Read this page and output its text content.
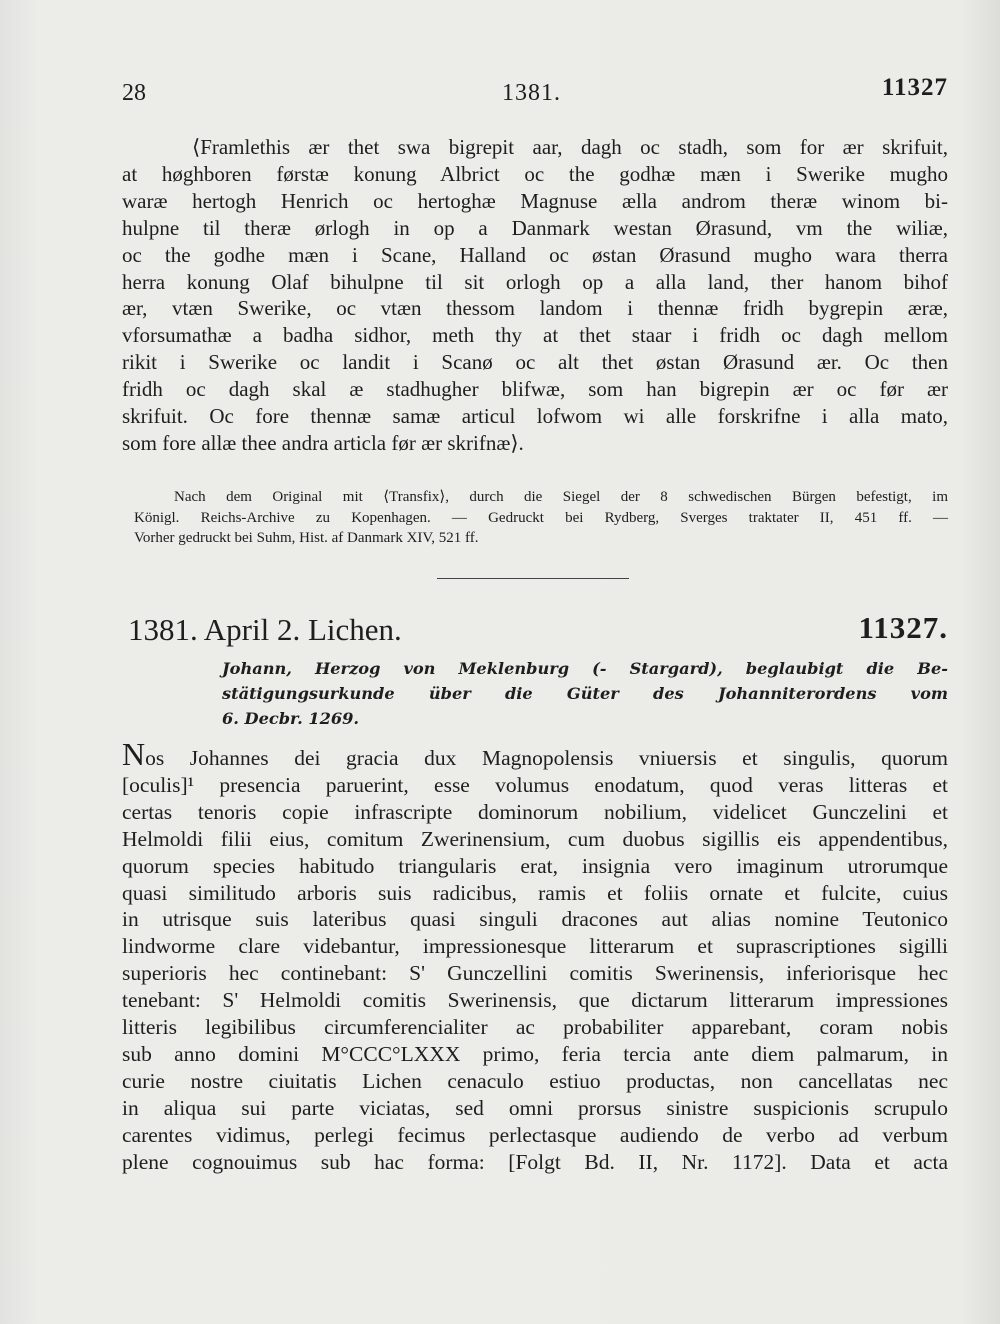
28	1381.	11327
⟨Framlethis ær thet swa bigrepit aar, dagh oc stadh, som for ær skrifuit,
at høghboren førstæ konung Albrict oc the godhæ mæn i Swerike mugho
waræ hertogh Henrich oc hertoghæ Magnuse ælla androm theræ winom bi-
hulpne til theræ ørlogh in op a Danmark westan Ørasund, vm the wiliæ,
oc the godhe mæn i Scane, Halland oc østan Ørasund mugho wara therra
herra konung Olaf bihulpne til sit orlogh op a alla land, ther hanom bihof
ær, vtæn Swerike, oc vtæn thessom landom i thennæ fridh bygrepin æræ,
vforsumathæ a badha sidhor, meth thy at thet staar i fridh oc dagh mellom
rikit i Swerike oc landit i Scanø oc alt thet østan Ørasund ær. Oc then
fridh oc dagh skal æ stadhugher blifwæ, som han bigrepin ær oc før ær
skrifuit. Oc fore thennæ samæ articul lofwom wi alle forskrifne i alla mato,
som fore allæ thee andra articla før ær skrifnæ⟩.
Nach dem Original mit ⟨Transfix⟩, durch die Siegel der 8 schwedischen Bürgen befestigt, im
Königl. Reichs-Archive zu Kopenhagen. — Gedruckt bei Rydberg, Sverges traktater II, 451 ff. —
Vorher gedruckt bei Suhm, Hist. af Danmark XIV, 521 ff.
1381. April 2. Lichen.	11327.
Johann, Herzog von Meklenburg (- Stargard), beglaubigt die Be-
stätigungsurkunde über die Güter des Johanniterordens vom
6. Decbr. 1269.
Nos Johannes dei gracia dux Magnopolensis vniuersis et singulis, quorum
[oculis]¹ presencia paruerint, esse volumus enodatum, quod veras litteras et
certas tenoris copie infrascripte dominorum nobilium, videlicet Gunczelini et
Helmoldi filii eius, comitum Zwerinensium, cum duobus sigillis eis appendentibus,
quorum species habitudo triangularis erat, insignia vero imaginum utrorumque
quasi similitudo arboris suis radicibus, ramis et foliis ornate et fulcite, cuius
in utrisque suis lateribus quasi singuli dracones aut alias nomine Teutonico
lindworme clare videbantur, impressionesque litterarum et suprascriptiones sigilli
superioris hec continebant: S' Gunczellini comitis Swerinensis, inferiorisque hec
tenebant: S' Helmoldi comitis Swerinensis, que dictarum litterarum impressiones
litteris legibilibus circumferencialiter ac probabiliter apparebant, coram nobis
sub anno domini M°CCC°LXXX primo, feria tercia ante diem palmarum, in
curie nostre ciuitatis Lichen cenaculo estiuo productas, non cancellatas nec
in aliqua sui parte viciatas, sed omni prorsus sinistre suspicionis scrupulo
carentes vidimus, perlegi fecimus perlectasque audiendo de verbo ad verbum
plene cognouimus sub hac forma: [Folgt Bd. II, Nr. 1172]. Data et acta
